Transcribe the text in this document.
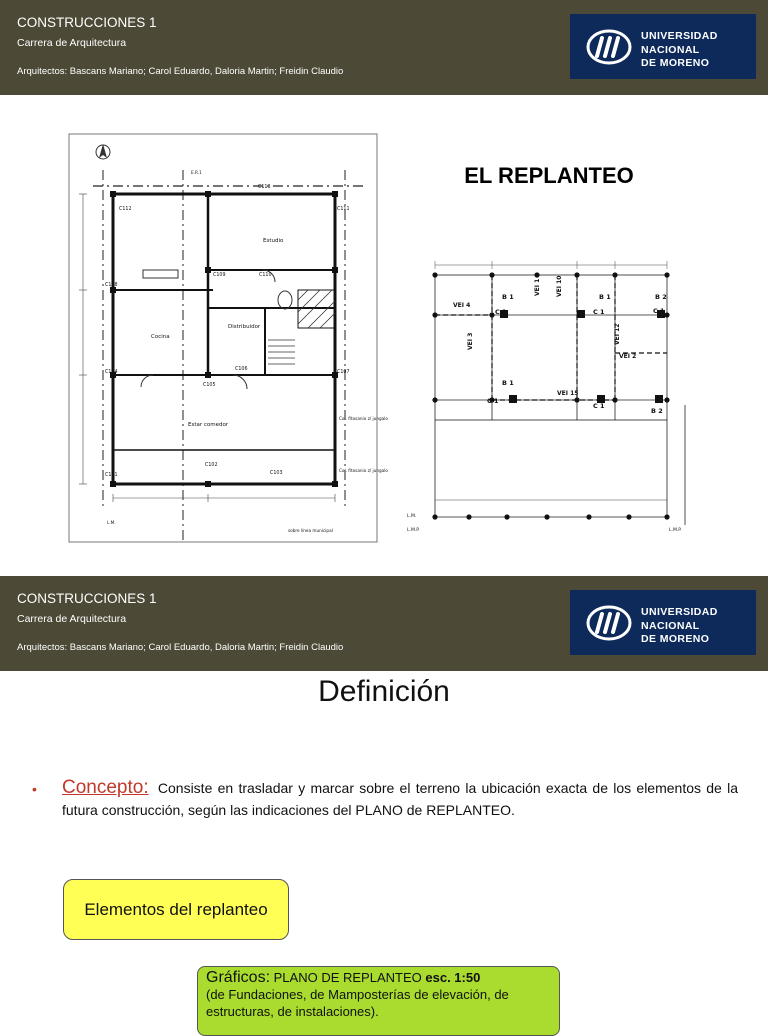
CONSTRUCCIONES 1
Carrera de Arquitectura
Arquitectos: Bascans Mariano; Carol Eduardo, Daloria Martin; Freidin Claudio
UNIVERSIDAD
NACIONAL
DE MORENO
EL REPLANTEO
Estudio
Cocina
Distribuidor
Estar comedor
C113
C112
C110
C109
C108
C106
C105
C104
C103
C102
C101
C111
C107
Col. fitosanio z/ jungalo
Col. fitosanio z/ jungalo
E.R.1
sobre línea municipal
L.M.
VEI 4
VEI 1
VEI 2
VEI 3
VEI 10
VEI 15
VEI 12
B 1	B 1
B 1
B 2
B 2
C 1	C 1
C 1
C 1
C 1
L.M.
L.M.P.	L.M.P.
CONSTRUCCIONES 1
Carrera de Arquitectura
Arquitectos: Bascans Mariano; Carol Eduardo, Daloria Martin; Freidin Claudio
UNIVERSIDAD
NACIONAL
DE MORENO
Definición
• Concepto: Consiste en trasladar y marcar sobre el terreno la ubicación exacta de los elementos de la futura construcción, según las indicaciones del PLANO de REPLANTEO.
Elementos del replanteo
Gráficos: PLANO DE REPLANTEO esc. 1:50
(de Fundaciones, de Mamposterías de elevación, de estructuras, de instalaciones).
